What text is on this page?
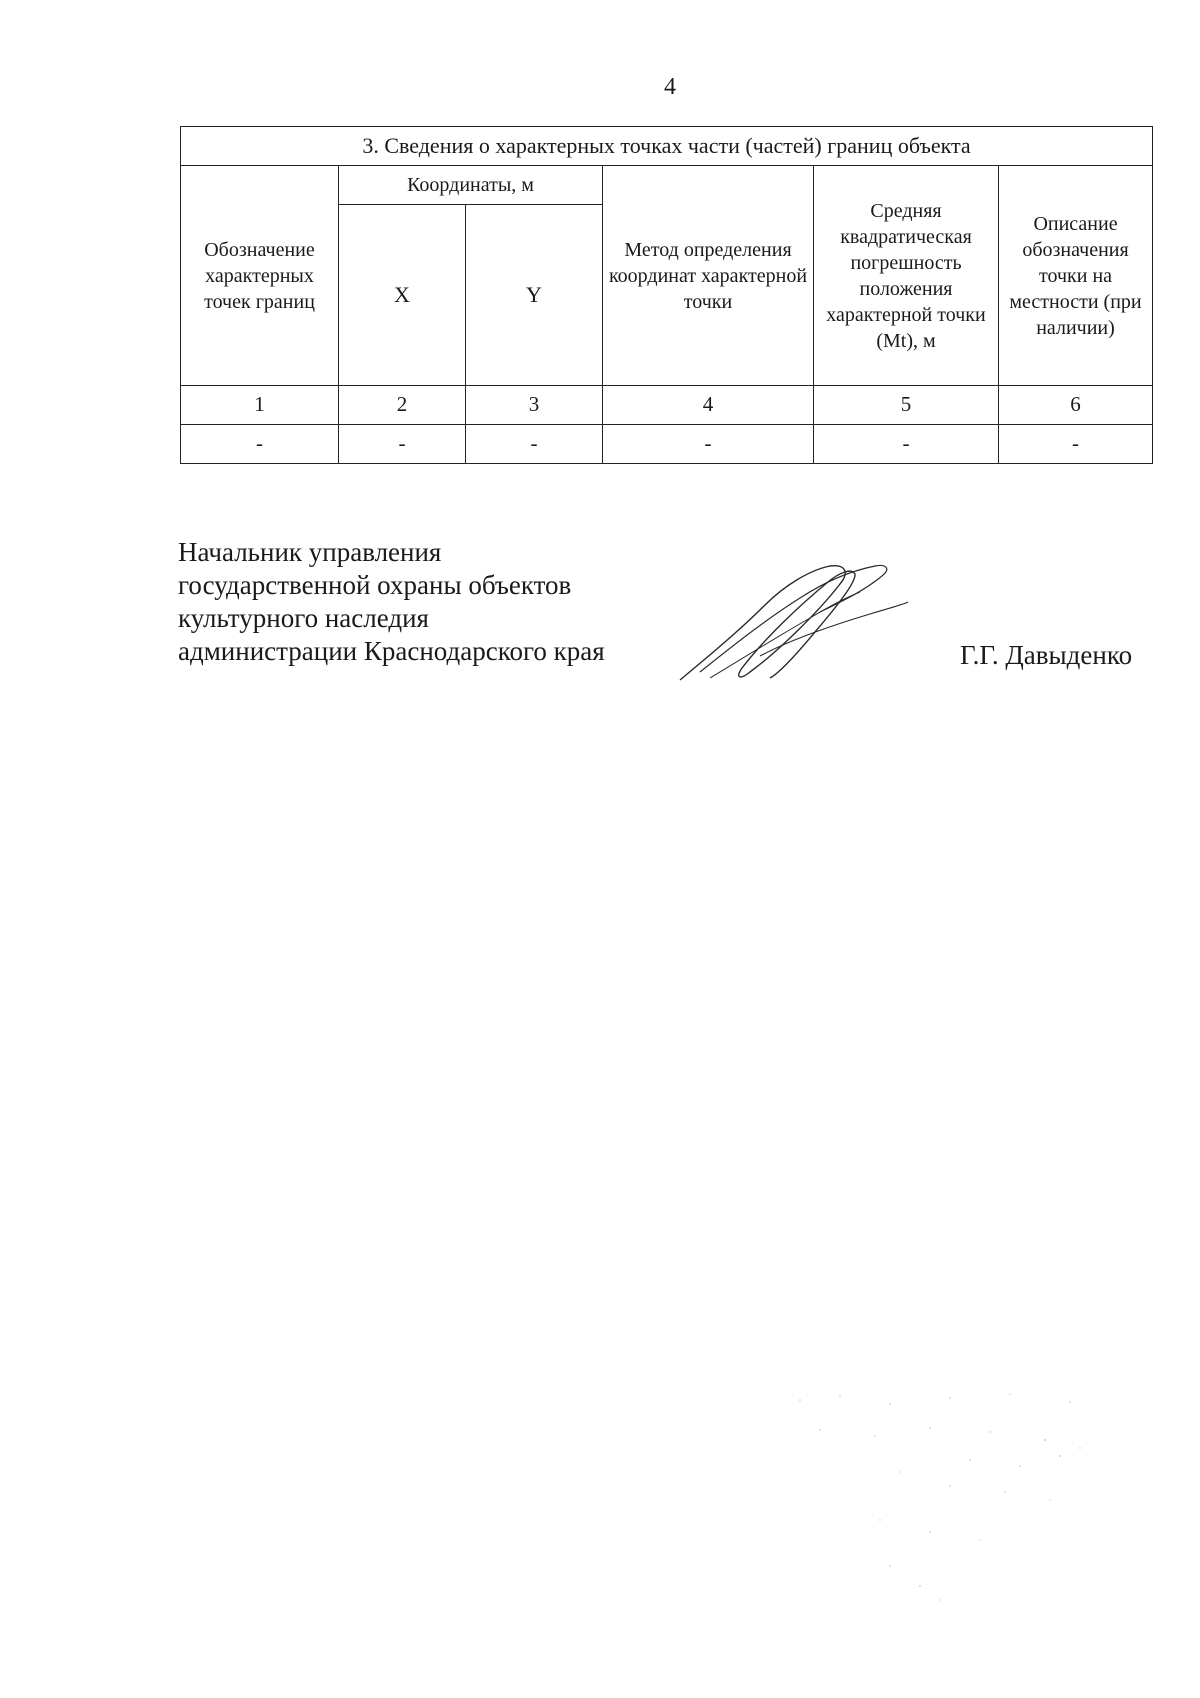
4
3. Сведения о характерных точках части (частей) границ объекта					
Обозначение характерных точек границ	Координаты, м		Метод определения координат характерной точки	Средняя квадратическая погрешность положения характерной точки (Mt), м	Описание обозначения точки на местности (при наличии)
	X	Y			
1	2	3	4	5	6
-	-	-	-	-	-
Начальник управления
государственной охраны объектов
культурного наследия
администрации Краснодарского края	Г.Г. Давыденко
